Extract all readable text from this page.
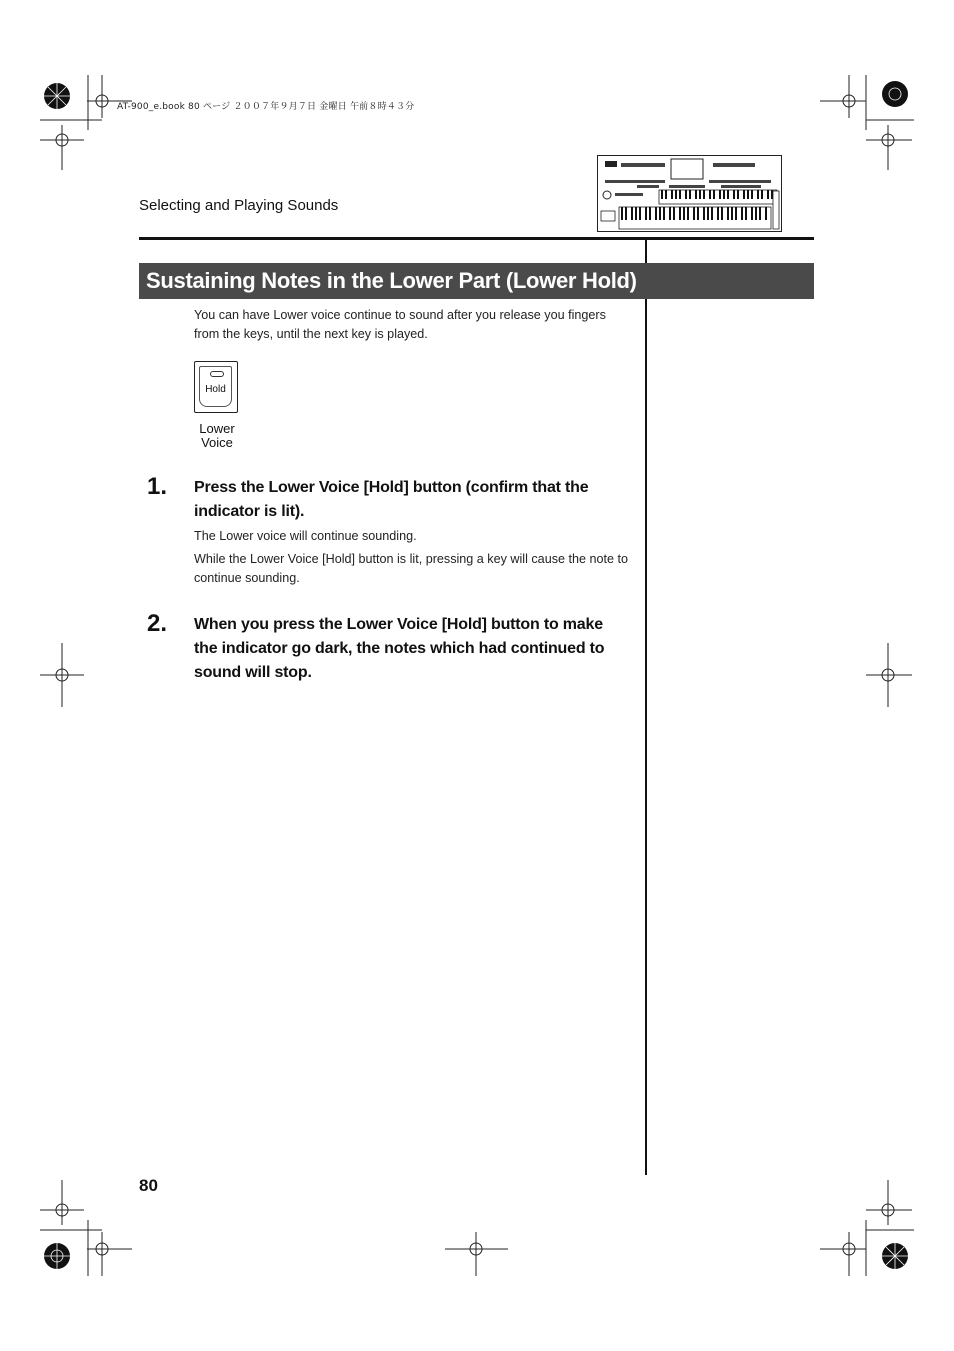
AT-900_e.book 80 ページ ２００７年９月７日 金曜日 午前８時４３分
Selecting and Playing Sounds
Sustaining Notes in the Lower Part (Lower Hold)
You can have Lower voice continue to sound after you release you fingers from the keys, until the next key is played.
Hold
Lower
Voice
1. Press the Lower Voice [Hold] button (confirm that the indicator is lit).
The Lower voice will continue sounding.
While the Lower Voice [Hold] button is lit, pressing a key will cause the note to continue sounding.
2. When you press the Lower Voice [Hold] button to make the indicator go dark, the notes which had continued to sound will stop.
80
